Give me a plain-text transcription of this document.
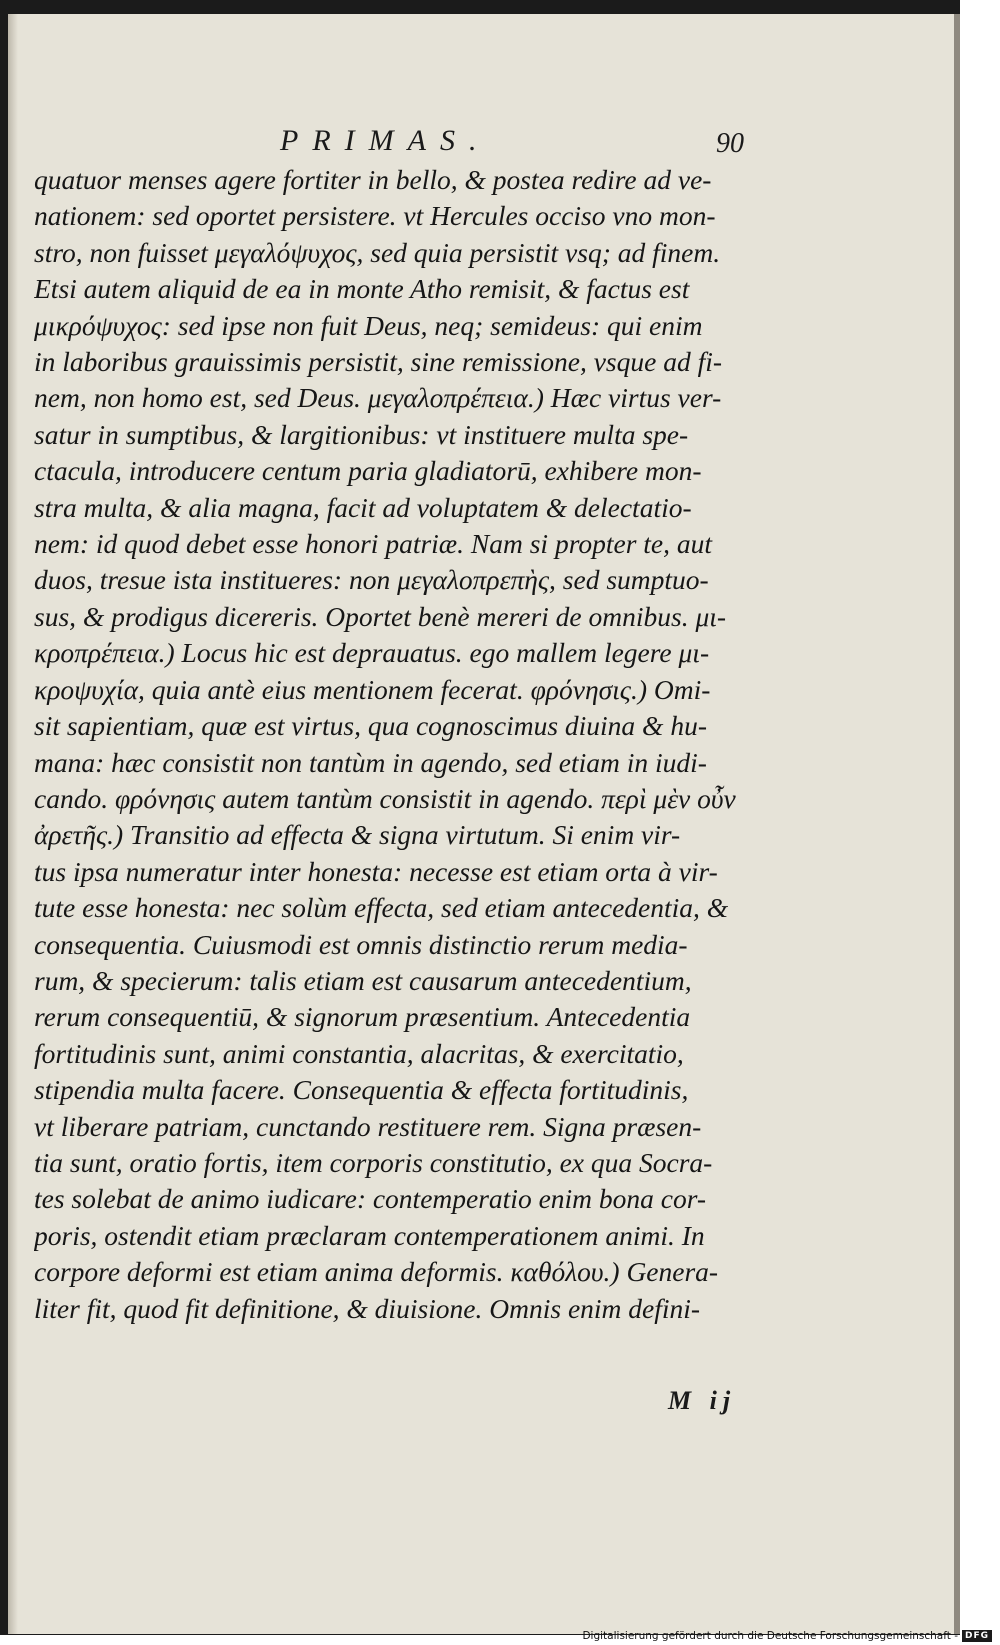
PRIMAS.	90
quatuor menses agere fortiter in bello, & postea redire ad ve-
nationem: sed oportet persistere. vt Hercules occiso vno mon-
stro, non fuisset μεγαλόψυχος, sed quia persistit vsq; ad finem.
Etsi autem aliquid de ea in monte Atho remisit, & factus est
μικρόψυχος: sed ipse non fuit Deus, neq; semideus: qui enim
in laboribus grauissimis persistit, sine remissione, vsque ad fi-
nem, non homo est, sed Deus. μεγαλοπρέπεια.) Hæc virtus ver-
satur in sumptibus, & largitionibus: vt instituere multa spe-
ctacula, introducere centum paria gladiatorū, exhibere mon-
stra multa, & alia magna, facit ad voluptatem & delectatio-
nem: id quod debet esse honori patriæ. Nam si propter te, aut
duos, tresue ista institueres: non μεγαλοπρεπὴς, sed sumptuo-
sus, & prodigus dicereris. Oportet benè mereri de omnibus. μι-
κροπρέπεια.) Locus hic est deprauatus. ego mallem legere μι-
κροψυχία, quia antè eius mentionem fecerat. φρόνησις.) Omi-
sit sapientiam, quæ est virtus, qua cognoscimus diuina & hu-
mana: hæc consistit non tantùm in agendo, sed etiam in iudi-
cando. φρόνησις autem tantùm consistit in agendo. περὶ μὲν οὖν
ἀρετῆς.) Transitio ad effecta & signa virtutum. Si enim vir-
tus ipsa numeratur inter honesta: necesse est etiam orta à vir-
tute esse honesta: nec solùm effecta, sed etiam antecedentia, &
consequentia. Cuiusmodi est omnis distinctio rerum media-
rum, & specierum: talis etiam est causarum antecedentium,
rerum consequentiū, & signorum præsentium. Antecedentia
fortitudinis sunt, animi constantia, alacritas, & exercitatio,
stipendia multa facere. Consequentia & effecta fortitudinis,
vt liberare patriam, cunctando restituere rem. Signa præsen-
tia sunt, oratio fortis, item corporis constitutio, ex qua Socra-
tes solebat de animo iudicare: contemperatio enim bona cor-
poris, ostendit etiam præclaram contemperationem animi. In
corpore deformi est etiam anima deformis. καθόλου.) Genera-
liter fit, quod fit definitione, & diuisione. Omnis enim defini-
M ij
Digitalisierung gefördert durch die Deutsche Forschungsgemeinschaft - DFG
